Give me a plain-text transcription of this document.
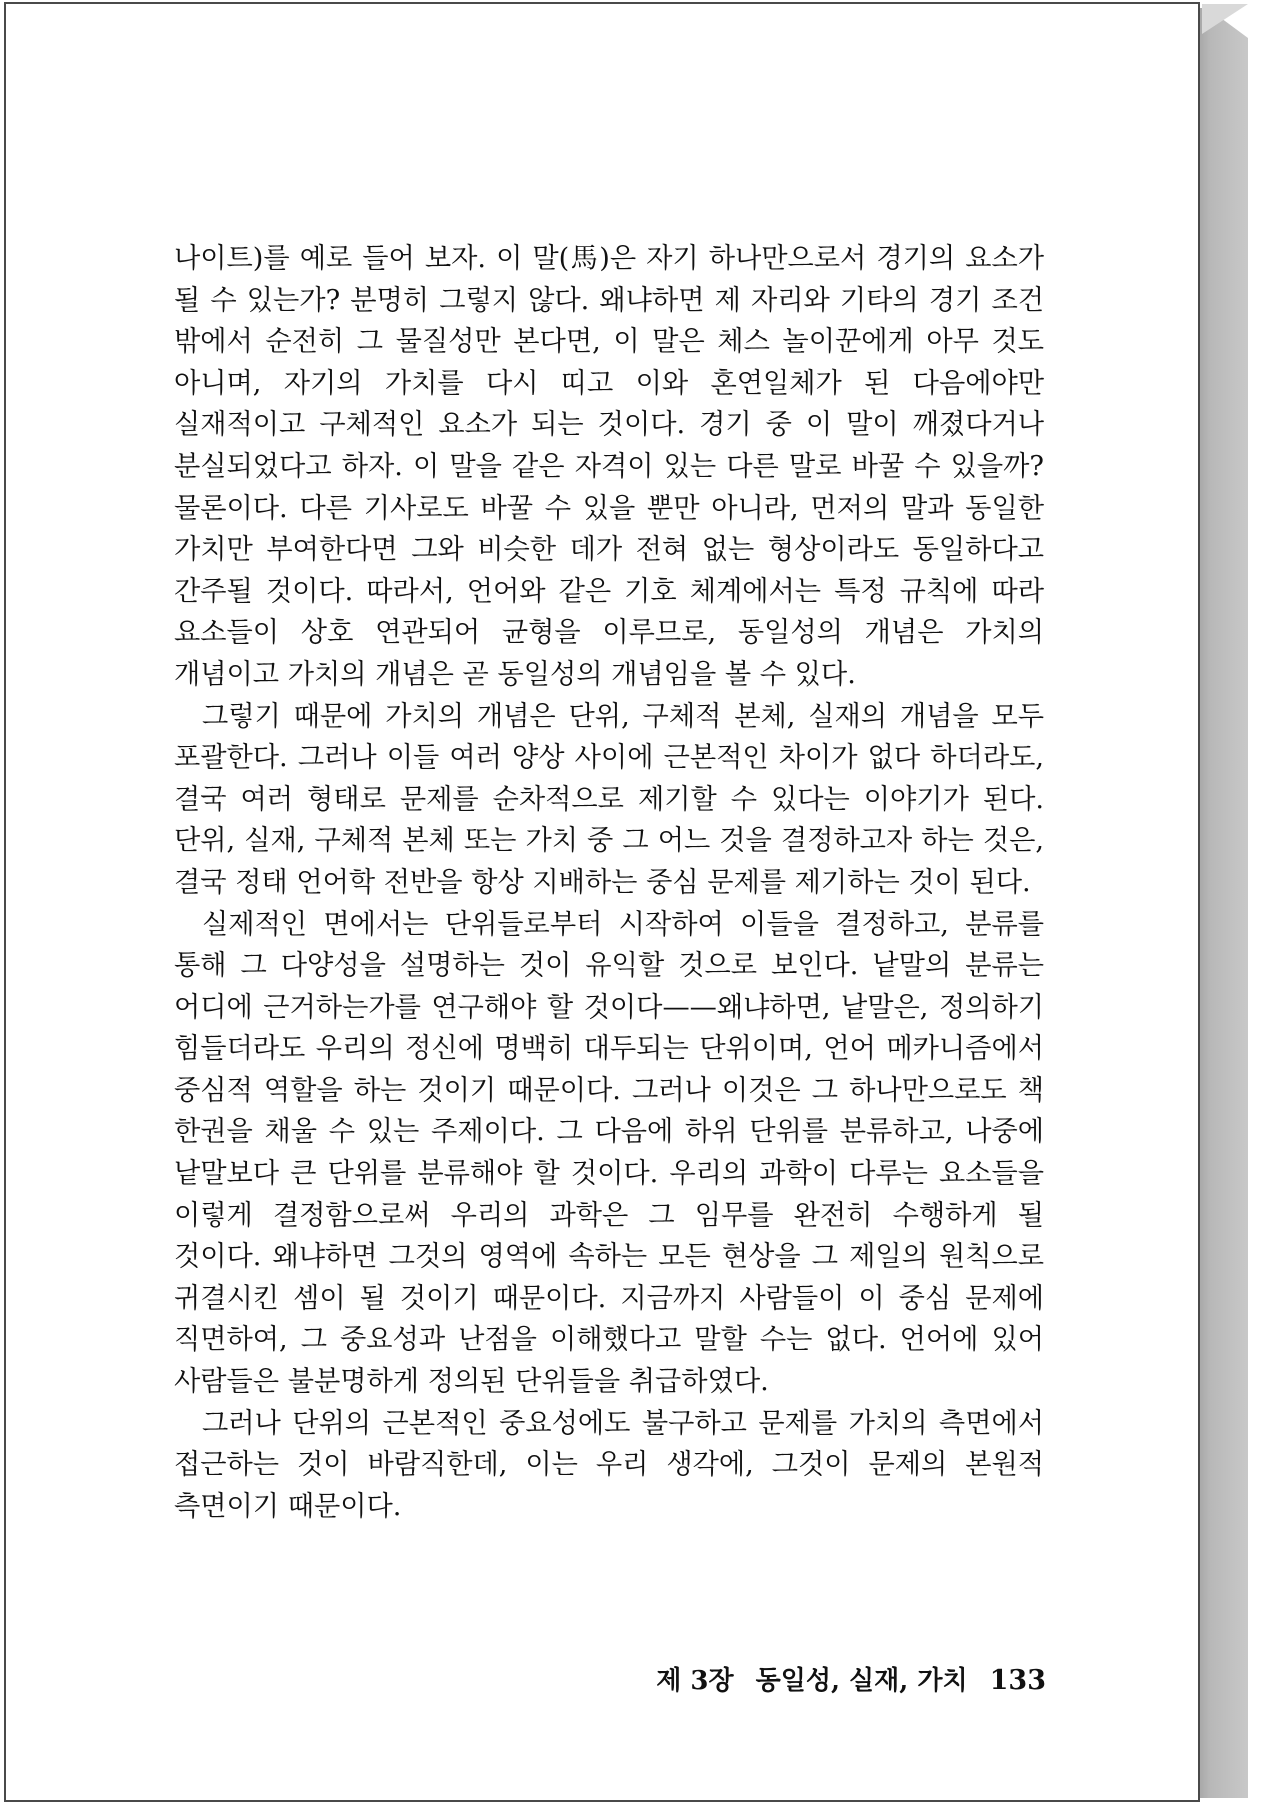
나이트)를 예로 들어 보자. 이 말(馬)은 자기 하나만으로서 경기의 요소가 될 수 있는가? 분명히 그렇지 않다. 왜냐하면 제 자리와 기타의 경기 조건 밖에서 순전히 그 물질성만 본다면, 이 말은 체스 놀이꾼에게 아무 것도 아니며, 자기의 가치를 다시 띠고 이와 혼연일체가 된 다음에야만 실재적이고 구체적인 요소가 되는 것이다. 경기 중 이 말이 깨졌다거나 분실되었다고 하자. 이 말을 같은 자격이 있는 다른 말로 바꿀 수 있을까? 물론이다. 다른 기사로도 바꿀 수 있을 뿐만 아니라, 먼저의 말과 동일한 가치만 부여한다면 그와 비슷한 데가 전혀 없는 형상이라도 동일하다고 간주될 것이다. 따라서, 언어와 같은 기호 체계에서는 특정 규칙에 따라 요소들이 상호 연관되어 균형을 이루므로, 동일성의 개념은 가치의 개념이고 가치의 개념은 곧 동일성의 개념임을 볼 수 있다.

그렇기 때문에 가치의 개념은 단위, 구체적 본체, 실재의 개념을 모두 포괄한다. 그러나 이들 여러 양상 사이에 근본적인 차이가 없다 하더라도, 결국 여러 형태로 문제를 순차적으로 제기할 수 있다는 이야기가 된다. 단위, 실재, 구체적 본체 또는 가치 중 그 어느 것을 결정하고자 하는 것은, 결국 정태 언어학 전반을 항상 지배하는 중심 문제를 제기하는 것이 된다.

실제적인 면에서는 단위들로부터 시작하여 이들을 결정하고, 분류를 통해 그 다양성을 설명하는 것이 유익할 것으로 보인다. 낱말의 분류는 어디에 근거하는가를 연구해야 할 것이다——왜냐하면, 낱말은, 정의하기 힘들더라도 우리의 정신에 명백히 대두되는 단위이며, 언어 메카니즘에서 중심적 역할을 하는 것이기 때문이다. 그러나 이것은 그 하나만으로도 책 한권을 채울 수 있는 주제이다. 그 다음에 하위 단위를 분류하고, 나중에 낱말보다 큰 단위를 분류해야 할 것이다. 우리의 과학이 다루는 요소들을 이렇게 결정함으로써 우리의 과학은 그 임무를 완전히 수행하게 될 것이다. 왜냐하면 그것의 영역에 속하는 모든 현상을 그 제일의 원칙으로 귀결시킨 셈이 될 것이기 때문이다. 지금까지 사람들이 이 중심 문제에 직면하여, 그 중요성과 난점을 이해했다고 말할 수는 없다. 언어에 있어 사람들은 불분명하게 정의된 단위들을 취급하였다.

그러나 단위의 근본적인 중요성에도 불구하고 문제를 가치의 측면에서 접근하는 것이 바람직한데, 이는 우리 생각에, 그것이 문제의 본원적 측면이기 때문이다.

제 3장 동일성, 실재, 가치 133
